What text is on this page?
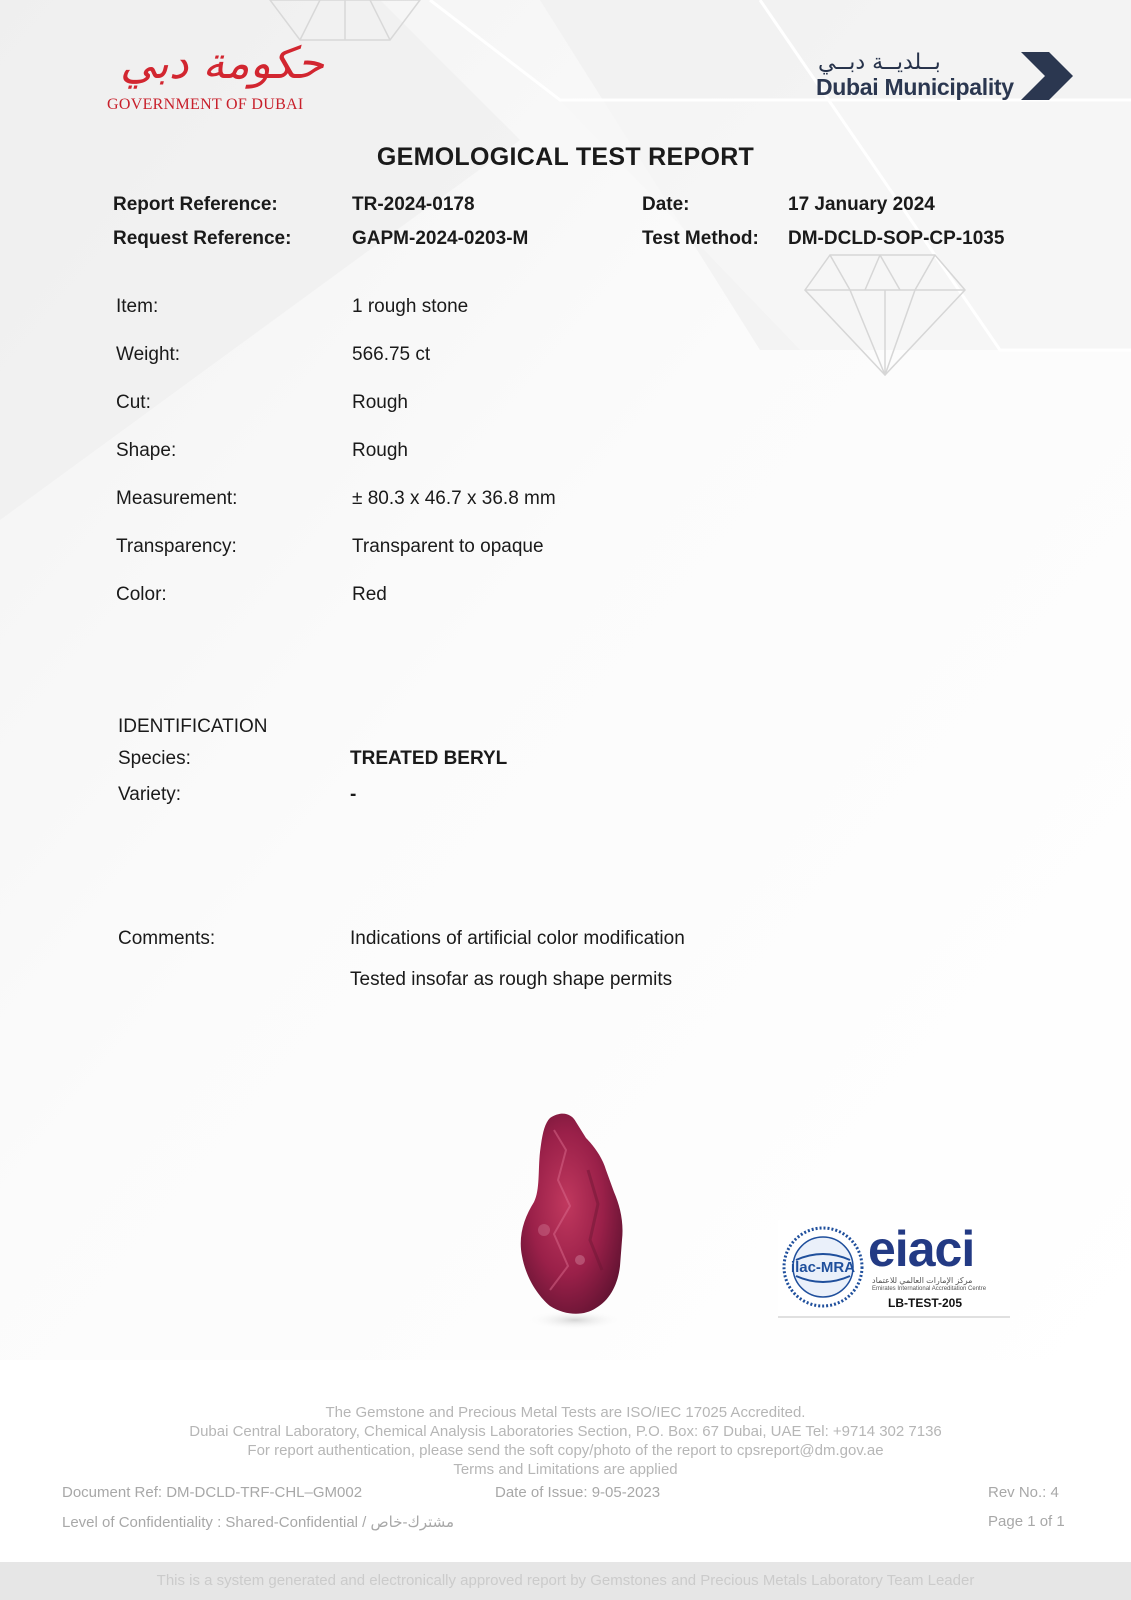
حكومة دبي
GOVERNMENT OF DUBAI
بــلديــة دبــي
Dubai Municipality
GEMOLOGICAL TEST REPORT
Report Reference:	TR-2024-0178	Date:	17 January 2024
Request Reference:	GAPM-2024-0203-M	Test Method: DM-DCLD-SOP-CP-1035
Item:	1 rough stone
Weight:	566.75 ct
Cut:	Rough
Shape:	Rough
Measurement:	± 80.3 x 46.7 x 36.8 mm
Transparency:	Transparent to opaque
Color:	Red
IDENTIFICATION
Species:	TREATED BERYL
Variety:	-
Comments:	Indications of artificial color modification
Tested insofar as rough shape permits
ilac-MRA eiaci
مركز الإمارات العالمي للاعتماد
Emirates International Accreditation Centre
LB-TEST-205
The Gemstone and Precious Metal Tests are ISO/IEC 17025 Accredited.
Dubai Central Laboratory, Chemical Analysis Laboratories Section, P.O. Box: 67 Dubai, UAE Tel: +9714 302 7136
For report authentication, please send the soft copy/photo of the report to cpsreport@dm.gov.ae
Terms and Limitations are applied
Document Ref: DM-DCLD-TRF-CHL–GM002	Date of Issue: 9-05-2023	Rev No.: 4
Level of Confidentiality : Shared-Confidential / مشترك-خاص	Page 1 of 1
This is a system generated and electronically approved report by Gemstones and Precious Metals Laboratory Team Leader
